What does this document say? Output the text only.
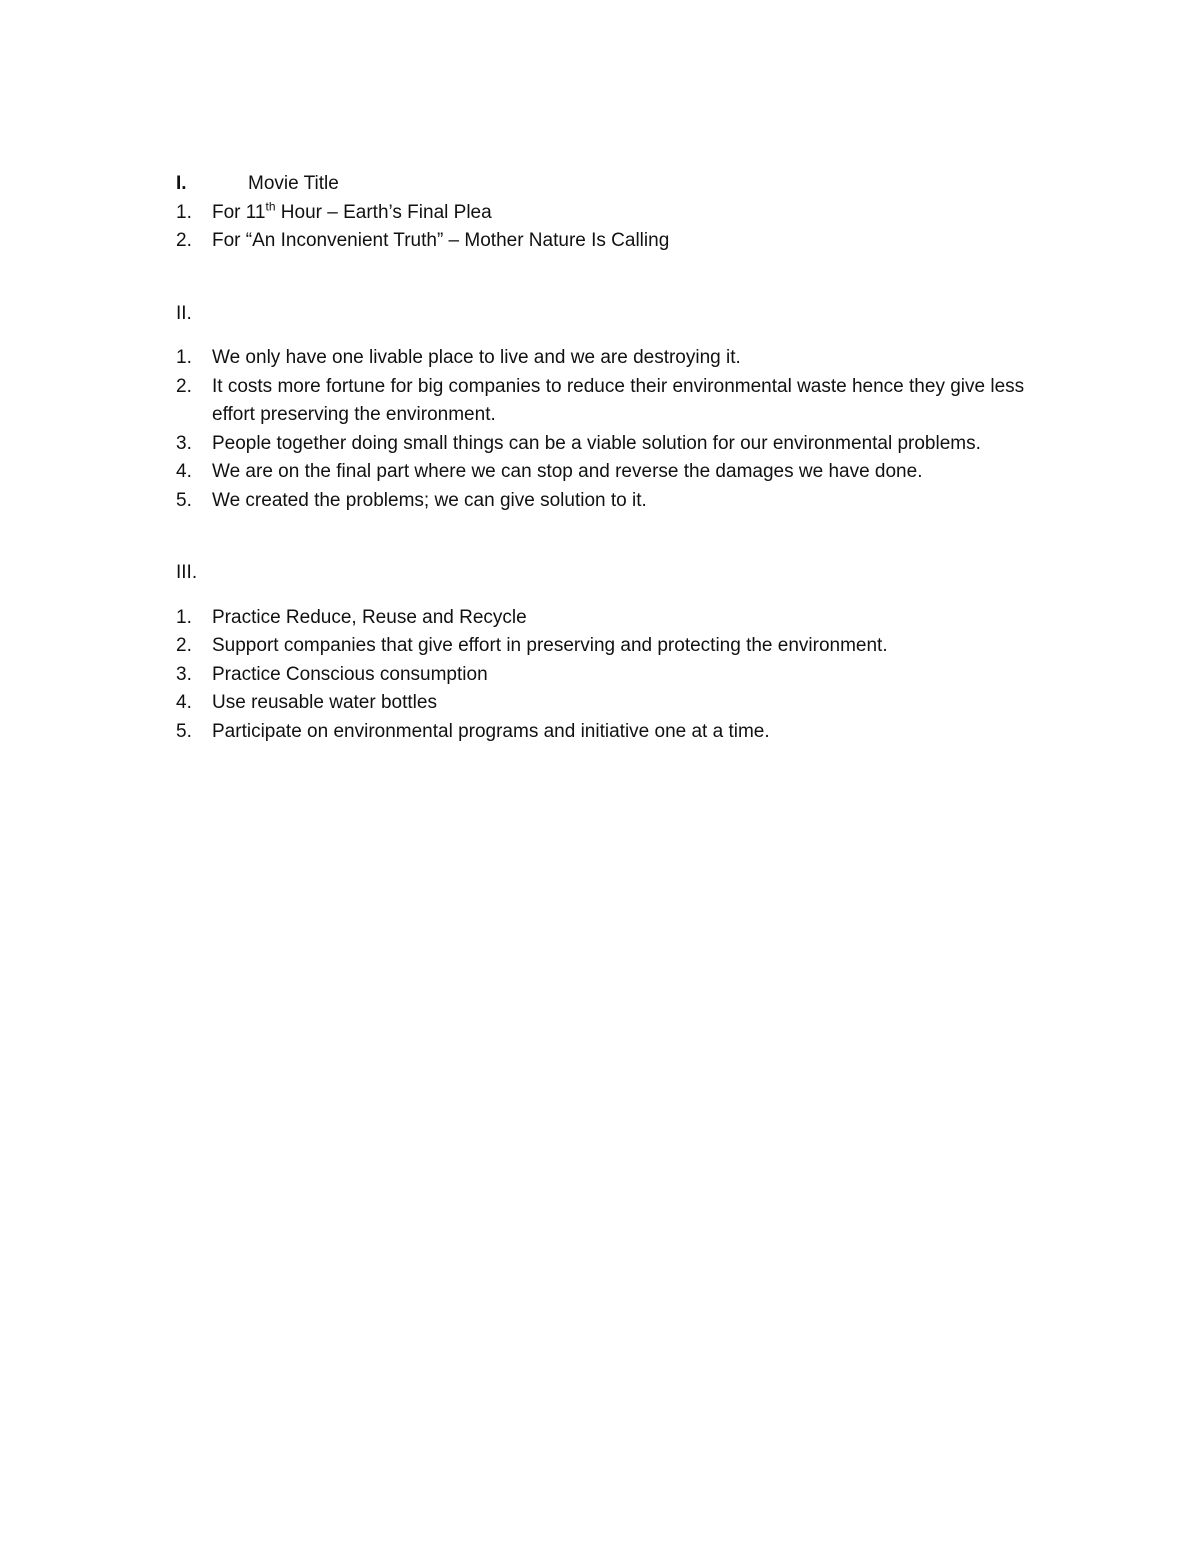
I.	Movie Title
1.	For 11th Hour – Earth’s Final Plea
2.	For “An Inconvenient Truth” – Mother Nature Is Calling
II.
1.	We only have one livable place to live and we are destroying it.
2.	It costs more fortune for big companies to reduce their environmental waste hence they give less effort preserving the environment.
3.	People together doing small things can be a viable solution for our environmental problems.
4.	We are on the final part where we can stop and reverse the damages we have done.
5.	We created the problems; we can give solution to it.
III.
1.	Practice Reduce, Reuse and Recycle
2.	Support companies that give effort in preserving and protecting the environment.
3.	Practice Conscious consumption
4.	Use reusable water bottles
5.	Participate on environmental programs and initiative one at a time.
